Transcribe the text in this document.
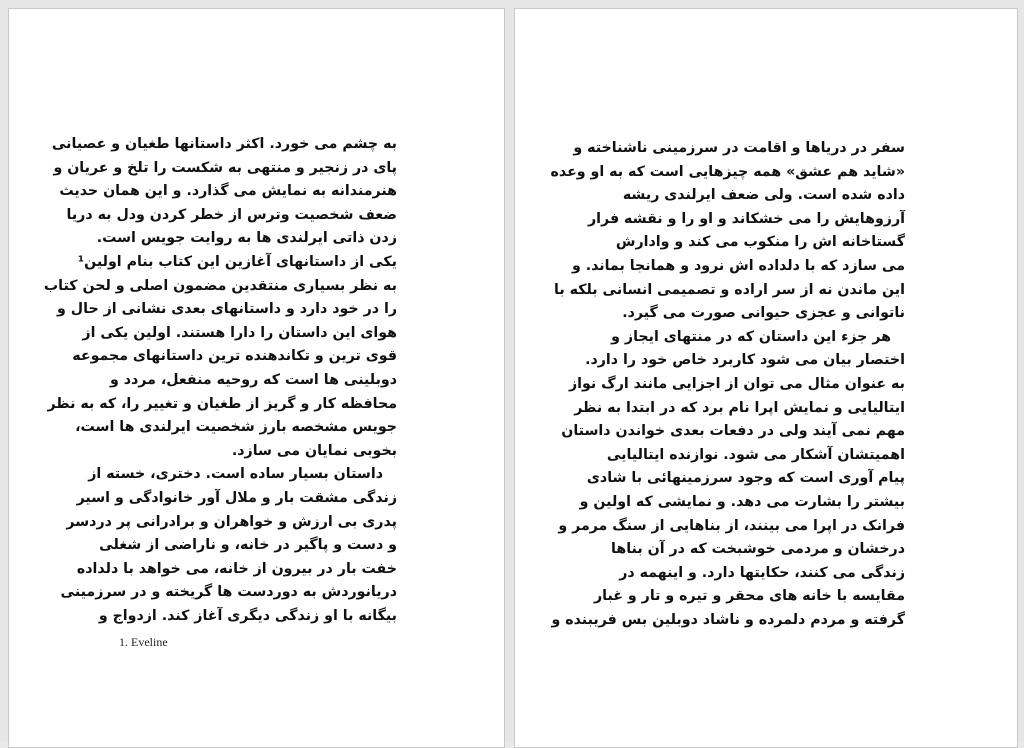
به چشم می خورد. اکثر داستانها طغیان و عصیانی
پای در زنجیر و منتهی به شکست را تلخ و عریان و
هنرمندانه به نمایش می گذارد. و این همان حدیث
ضعف شخصیت وترس از خطر کردن ودل به دریا
زدن ذاتی ایرلندی ها به روایت جویس است.
یکی از داستانهای آغازین این کتاب بنام اولین¹
به نظر بسیاری منتقدین مضمون اصلی و لحن کتاب
را در خود دارد و داستانهای بعدی نشانی از حال و
هوای این داستان را دارا هستند. اولین یکی از
قوی ترین و تکاندهنده ترین داستانهای مجموعه
دوبلینی ها است که روحیه منفعل، مردد و
محافظه کار و گریز از طغیان و تغییر را، که به نظر
جویس مشخصه بارز شخصیت ایرلندی ها است،
بخوبی نمایان می سازد.
داستان بسیار ساده است. دختری، خسته از
زندگی مشقت بار و ملال آور خانوادگی و اسیر
پدری بی ارزش و خواهران و برادرانی پر دردسر
و دست و پاگیر در خانه، و ناراضی از شغلی
خفت بار در بیرون از خانه، می خواهد با دلداده
دریانوردش به دوردست ها گریخته و در سرزمینی
بیگانه با او زندگی دیگری آغاز کند. ازدواج و
1. Eveline
سفر در دریاها و اقامت در سرزمینی ناشناخته و
«شاید هم عشق» همه چیزهایی است که به او وعده
داده شده است. ولی ضعف ایرلندی ریشه
آرزوهایش را می خشکاند و او را و نقشه فرار
گستاخانه اش را منکوب می کند و وادارش
می سازد که با دلداده اش نرود و همانجا بماند. و
این ماندن نه از سر اراده و تصمیمی انسانی بلکه با
ناتوانی و عجزی حیوانی صورت می گیرد.
هر جزء این داستان که در منتهای ایجاز و
اختصار بیان می شود کاربرد خاص خود را دارد.
به عنوان مثال می توان از اجزایی مانند ارگ نواز
ایتالیایی و نمایش اپرا نام برد که در ابتدا به نظر
مهم نمی آیند ولی در دفعات بعدی خواندن داستان
اهمیتشان آشکار می شود. نوازنده ایتالیایی
پیام آوری است که وجود سرزمینهائی با شادی
بیشتر را بشارت می دهد. و نمایشی که اولین و
فرانک در اپرا می بینند، از بناهایی از سنگ مرمر و
درخشان و مردمی خوشبخت که در آن بناها
زندگی می کنند، حکایتها دارد. و اینهمه در
مقایسه با خانه های محقر و تیره و تار و غبار
گرفته و مردم دلمرده و ناشاد دوبلین بس فریبنده و
